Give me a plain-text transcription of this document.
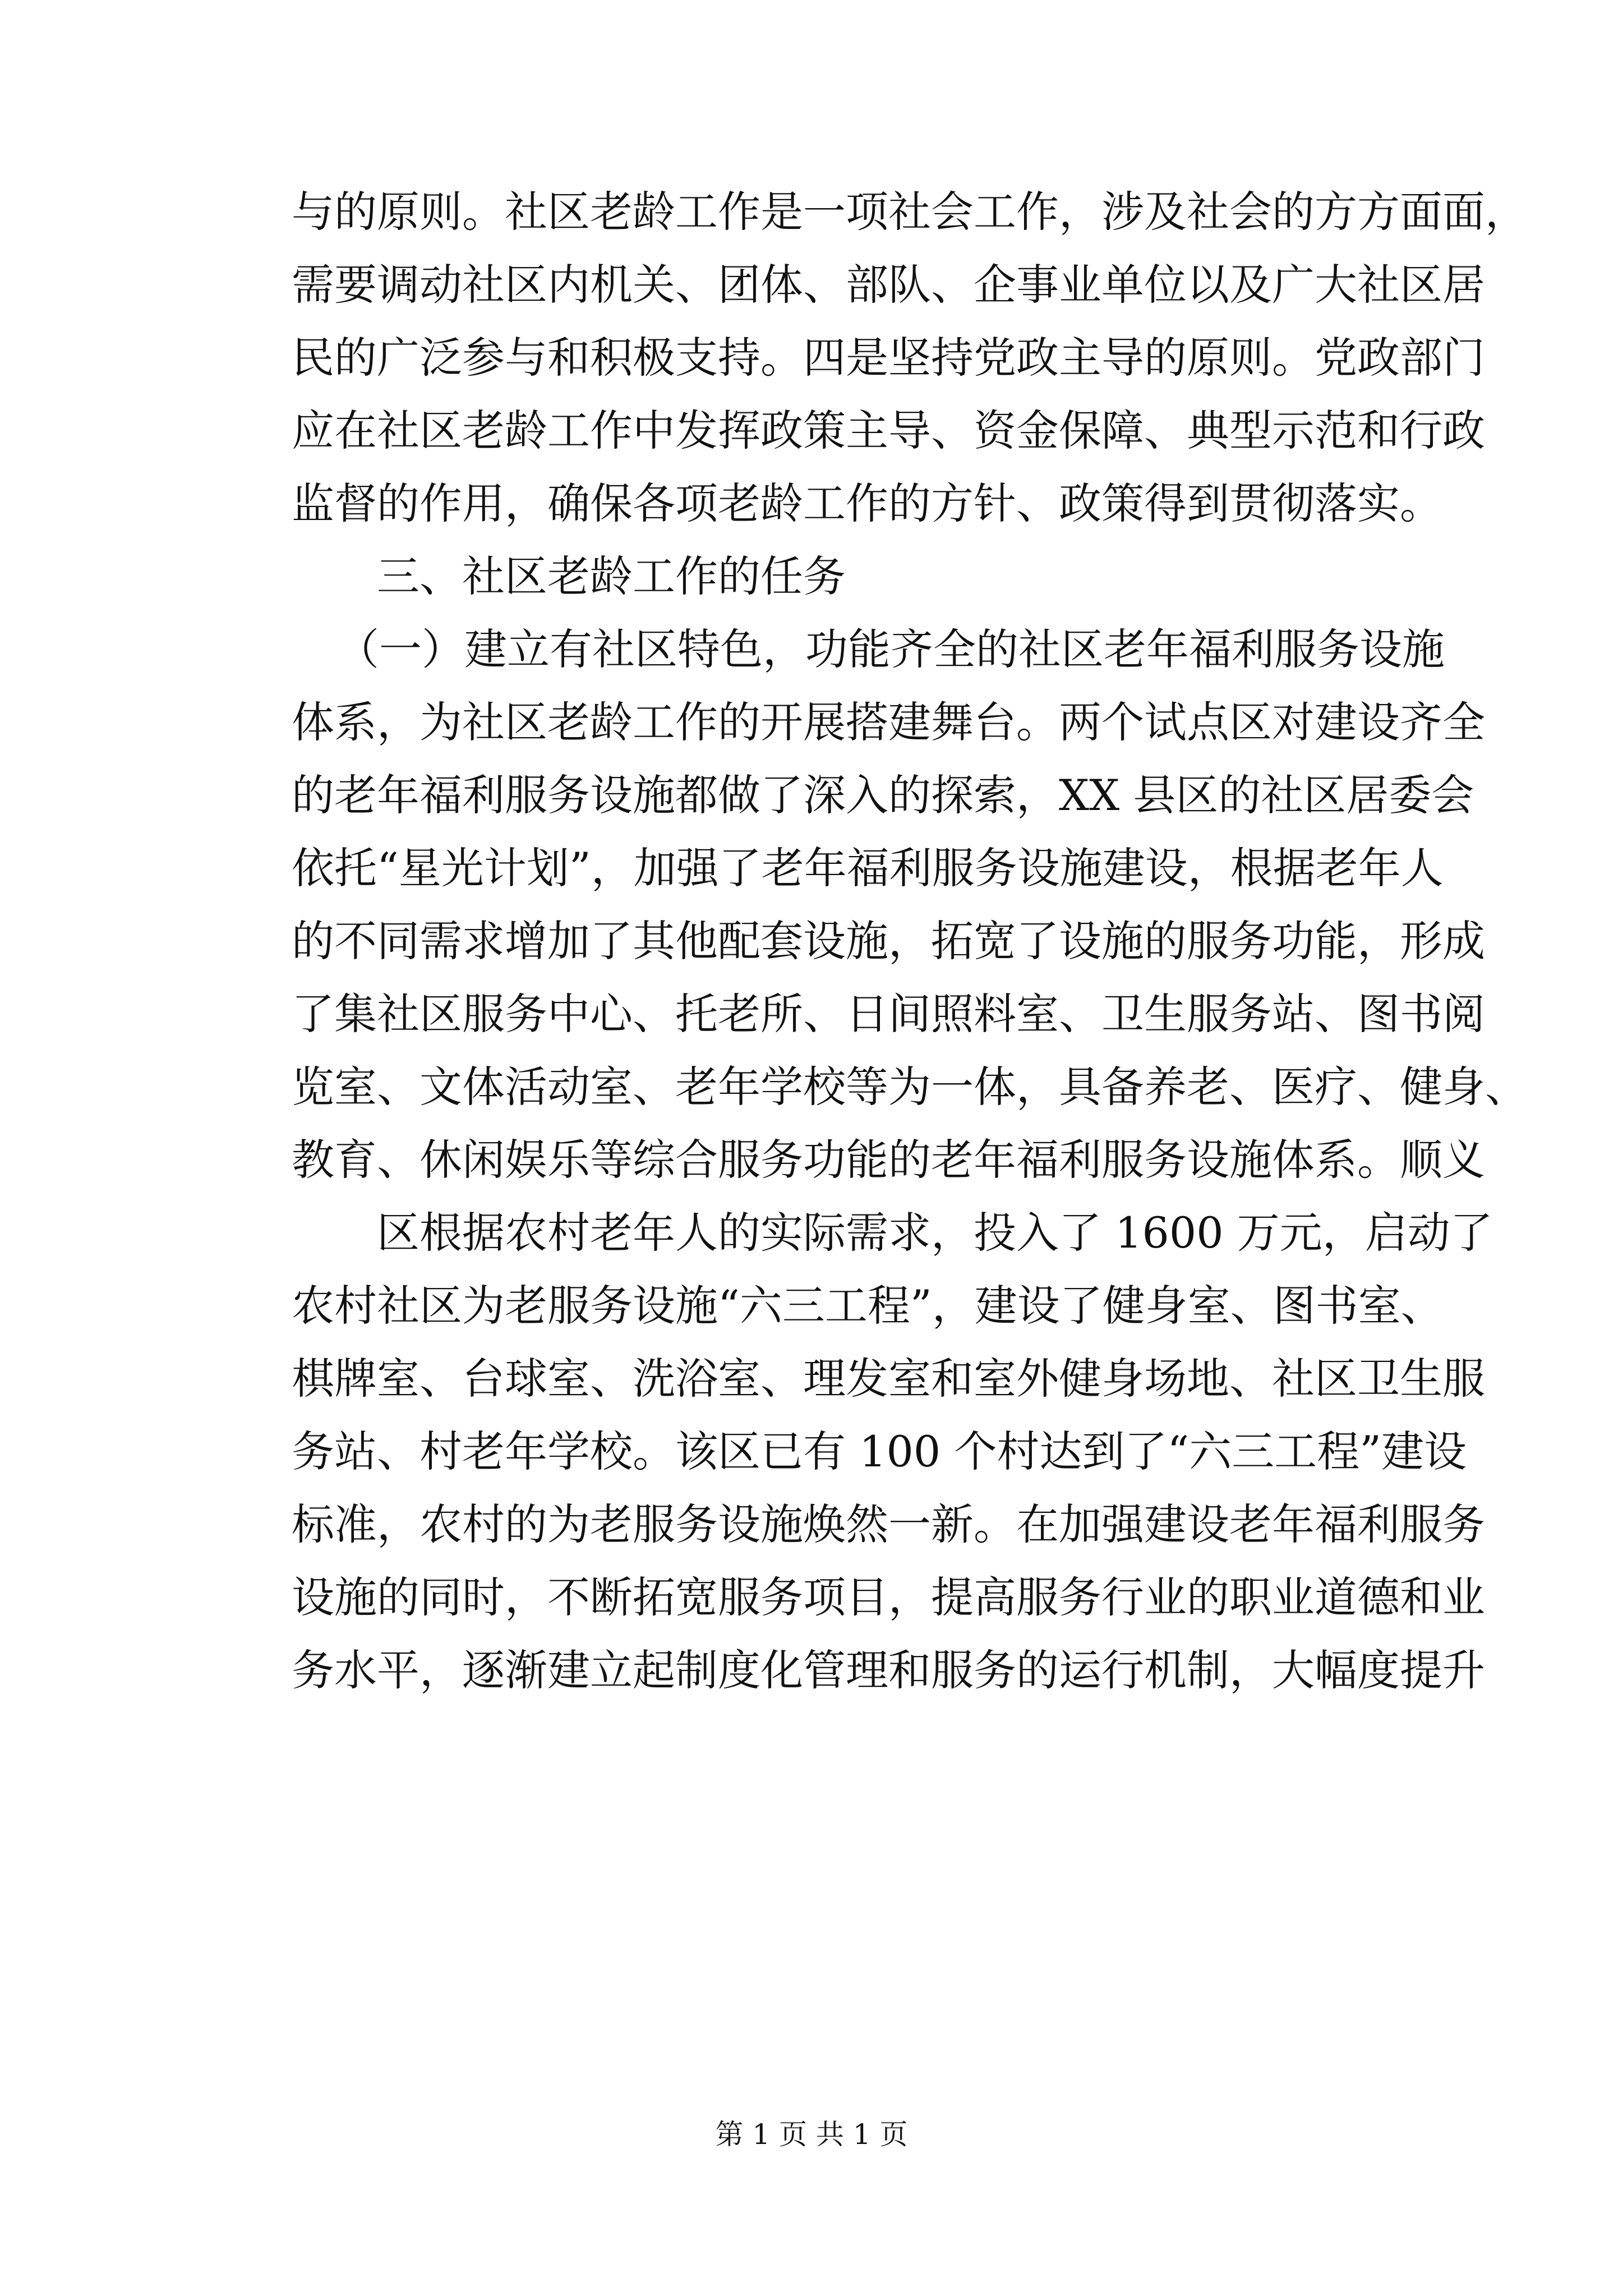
与的原则。社区老龄工作是一项社会工作，涉及社会的方方面面，

需要调动社区内机关、团体、部队、企事业单位以及广大社区居

民的广泛参与和积极支持。四是坚持党政主导的原则。党政部门

应在社区老龄工作中发挥政策主导、资金保障、典型示范和行政

监督的作用，确保各项老龄工作的方针、政策得到贯彻落实。

三、社区老龄工作的任务

（一）建立有社区特色，功能齐全的社区老年福利服务设施

体系，为社区老龄工作的开展搭建舞台。两个试点区对建设齐全

的老年福利服务设施都做了深入的探索，XX 县区的社区居委会

依托“星光计划”，加强了老年福利服务设施建设，根据老年人

的不同需求增加了其他配套设施，拓宽了设施的服务功能，形成

了集社区服务中心、托老所、日间照料室、卫生服务站、图书阅

览室、文体活动室、老年学校等为一体，具备养老、医疗、健身、

教育、休闲娱乐等综合服务功能的老年福利服务设施体系。顺义

区根据农村老年人的实际需求，投入了 1600 万元，启动了

农村社区为老服务设施“六三工程”，建设了健身室、图书室、

棋牌室、台球室、洗浴室、理发室和室外健身场地、社区卫生服

务站、村老年学校。该区已有 100 个村达到了“六三工程”建设

标准，农村的为老服务设施焕然一新。在加强建设老年福利服务

设施的同时，不断拓宽服务项目，提高服务行业的职业道德和业

务水平，逐渐建立起制度化管理和服务的运行机制，大幅度提升

第 1 页 共 1 页
